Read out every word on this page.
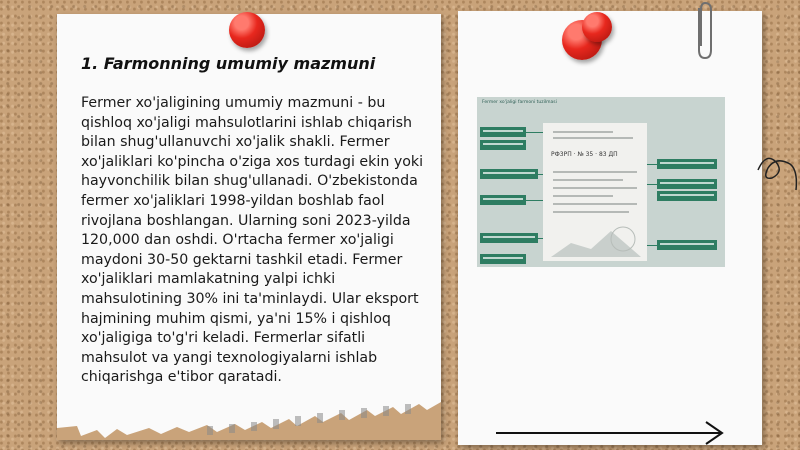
1. Farmonning umumiy mazmuni

Fermer xo'jaligining umumiy mazmuni - bu qishloq xo'jaligi mahsulotlarini ishlab chiqarish bilan shug'ullanuvchi xo'jalik shakli. Fermer xo'jaliklari ko'pincha o'ziga xos turdagi ekin yoki hayvonchilik bilan shug'ullanadi. O'zbekistonda fermer xo'jaliklari 1998-yildan boshlab faol rivojlana boshlangan. Ularning soni 2023-yilda 120,000 dan oshdi. O'rtacha fermer xo'jaligi maydoni 30-50 gektarni tashkil etadi. Fermer xo'jaliklari mamlakatning yalpi ichki mahsulotining 30% ini ta'minlaydi. Ular eksport hajmining muhim qismi, ya'ni 15% i qishloq xo'jaligiga to'g'ri keladi. Fermerlar sifatli mahsulot va yangi texnologiyalarni ishlab chiqarishga e'tibor qaratadi.

Fermer xo'jaligi farmoni tuzilmasi
РФ3РП · № 35 · 83 ДП
